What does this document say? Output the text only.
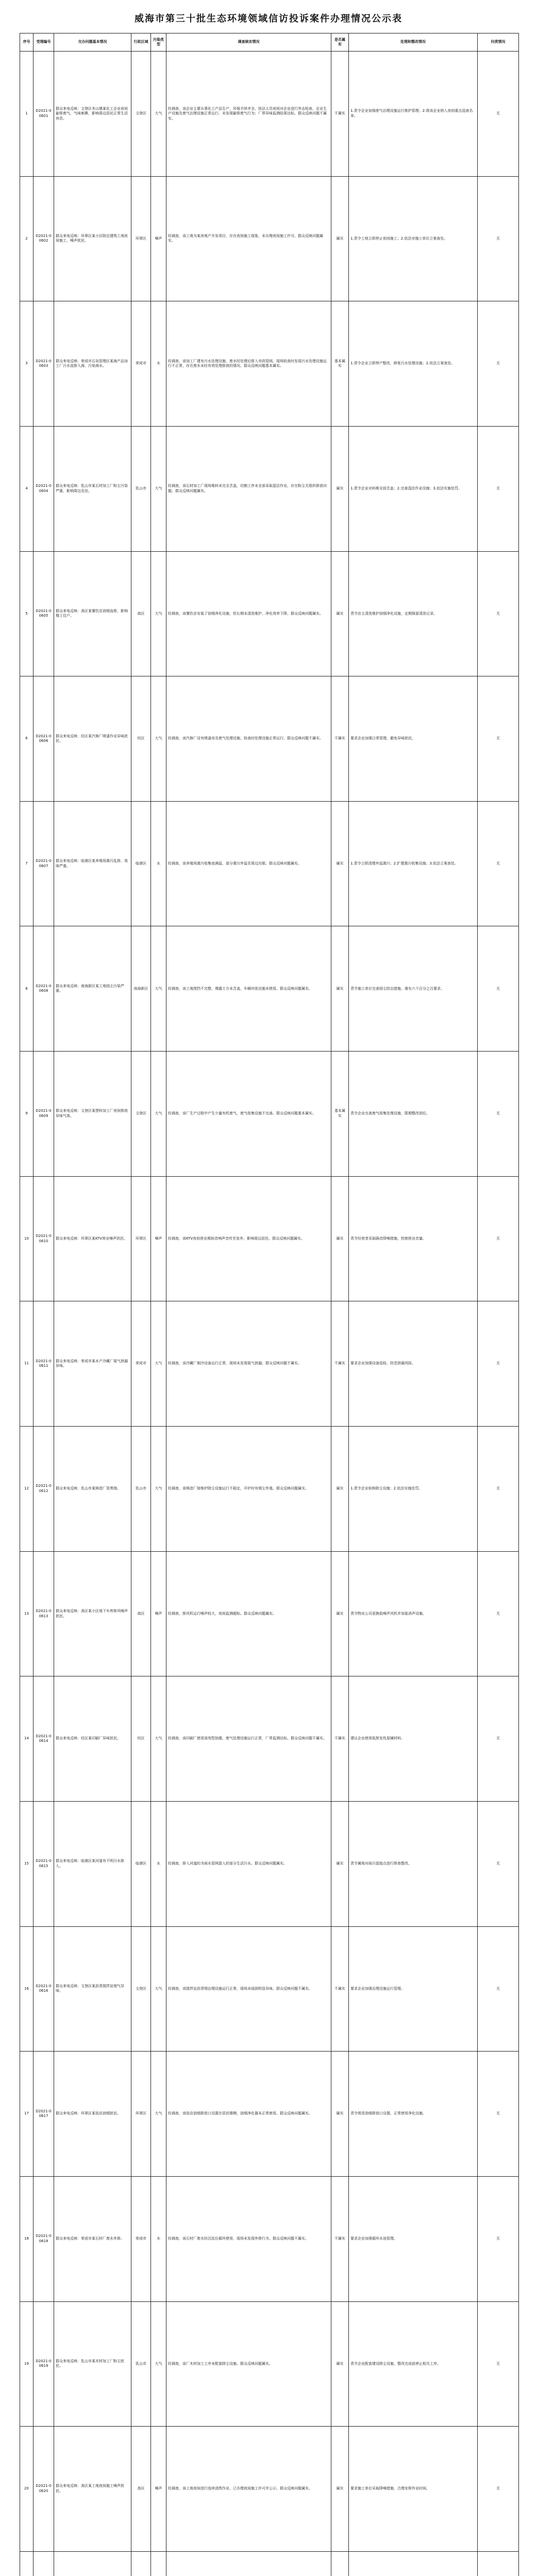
威海市第三十批生态环境领域信访投诉案件办理情况公示表
序号	受理编号	交办问题基本情况	行政区域	污染类型	调查核实情况	是否属实	处理和整改情况	问责情况
1	D2021-00601	群众来电反映：文登区米山镇某化工企业夜间偷排废气，气味刺鼻，影响周边居民正常生活休息。	文登区	大气	经调查，该企业主要从事化工产品生产，环保手续齐全。执法人员夜间对企业进行突击检查，企业生产设施及废气治理设施正常运行，未发现偷排废气行为；厂界异味监测结果达标。群众反映问题不属实。	不属实	1.责令企业加强废气治理设施运行维护管理；2.将该企业纳入夜间重点巡查名单。	无
2	D2021-00602	群众来电反映：环翠区某小区附近建筑工地夜间施工，噪声扰民。	环翠区	噪声	经调查，该工地为某房地产开发项目，存在夜间施工现象，未办理夜间施工许可。群众反映问题属实。	属实	1.责令工地立即停止夜间施工；2.依法对施工单位立案查处。	无
3	D2021-00603	群众来电反映：荣成市石岛管理区某海产品加工厂污水直排入海，污染海水。	荣成市	水	经调查，该加工厂建有污水处理设施，废水经处理后排入市政管网。现场检查时发现污水处理设施运行不正常，存在废水未经有效处理排放的情况。群众反映问题基本属实。	基本属实	1.责令企业立即停产整改，修复污水处理设施；2.依法立案查处。	无
4	D2021-00604	群众来电反映：乳山市某石材加工厂粉尘污染严重，影响周边农田。	乳山市	大气	经调查，该石材加工厂现场堆料未完全苫盖，切割工序未全部采取湿法作业，存在粉尘无组织排放问题。群众反映问题属实。	属实	1.责令企业对料堆全部苫盖；2.完善湿法作业设施；3.依法实施处罚。	无
5	D2021-00605	群众来电反映：高区某餐饮店油烟直排，影响楼上住户。	高区	大气	经调查，该餐饮店安装了油烟净化设施，但长期未清洗维护，净化效率下降。群众反映问题属实。	属实	责令店主清洗维护油烟净化设施，定期保留清洗记录。	无
6	D2021-00606	群众来电反映：经区某汽修厂喷漆作业异味扰民。	经区	大气	经调查，该汽修厂设有喷漆房及废气处理设施，检查时处理设施正常运行。群众反映问题不属实。	不属实	要求企业加强日常管理，避免异味扰民。	无
7	D2021-00607	群众来电反映：临港区某养殖场粪污乱排，臭味严重。	临港区	水	经调查，该养殖场粪污收集池满溢，部分粪污外溢至周边沟渠。群众反映问题属实。	属实	1.责令立即清理外溢粪污；2.扩建粪污收集设施；3.依法立案查处。	无
8	D2021-00608	群众来电反映：南海新区某工地扬尘污染严重。	南海新区	大气	经调查，该工地围挡不完整，裸露土方未苫盖，车辆冲洗设施未使用。群众反映问题属实。	属实	责令施工单位完善扬尘防治措施，落实六个百分之百要求。	无
9	D2021-00609	群众来电反映：文登区某塑料加工厂夜间排放异味气体。	文登区	大气	经调查，该厂生产过程中产生少量有机废气，废气收集设施不完善。群众反映问题基本属实。	基本属实	责令企业完善废气收集处理设施，限期整改到位。	无
10	D2021-00610	群众来电反映：环翠区某KTV营业噪声扰民。	环翠区	噪声	经调查，该KTV夜间营业期间音响声音传至室外，影响周边居民。群众反映问题属实。	属实	责令经营者采取隔音降噪措施，控制营业音量。	无
11	D2021-00611	群众来电反映：荣成市某水产冷藏厂氨气泄漏异味。	荣成市	大气	经调查，该冷藏厂制冷设备运行正常，现场未发现氨气泄漏。群众反映问题不属实。	不属实	要求企业加强设备巡检，防范泄漏风险。	无
12	D2021-00612	群众来电反映：乳山市某铸造厂冒黑烟。	乳山市	大气	经调查，该铸造厂熔炼炉除尘设施运行不稳定，开炉时有烟尘外逸。群众反映问题属实。	属实	1.责令企业检修除尘设施；2.依法实施处罚。	无
13	D2021-00613	群众来电反映：高区某小区地下车库排风噪声扰民。	高区	噪声	经调查，排风机运行噪声较大，夜间监测超标。群众反映问题属实。	属实	责令物业公司更换低噪声风机并加装消声设施。	无
14	D2021-00614	群众来电反映：经区某印刷厂异味扰民。	经区	大气	经调查，该印刷厂使用溶剂型油墨，废气处理设施运行正常，厂界监测达标。群众反映问题不属实。	不属实	建议企业使用低挥发性原辅材料。	无
15	D2021-00615	群众来电反映：临港区某河道有不明污水排入。	临港区	水	经调查，排入河道的为雨水管网混入的部分生活污水。群众反映问题属实。	属实	责令属地对雨污混接点进行排查整改。	无
16	D2021-00616	群众来电反映：文登区某沥青搅拌站烟气异味。	文登区	大气	经调查，该搅拌站沥青烟治理设施运行正常，现场未闻到明显异味。群众反映问题不属实。	不属实	要求企业加强治理设施运行管理。	无
17	D2021-00617	群众来电反映：环翠区某饭店油烟扰民。	环翠区	大气	经调查，该饭店油烟排放口设置在居民楼侧，油烟净化器未正常使用。群众反映问题属实。	属实	责令规范油烟排放口设置，正常使用净化设施。	无
18	D2021-00618	群众来电反映：荣成市某石材厂废水外排。	荣成市	水	经调查，该石材厂废水经沉淀后循环使用，现场未发现外排行为。群众反映问题不属实。	不属实	要求企业加强循环水池管理。	无
19	D2021-00619	群众来电反映：乳山市某木材加工厂粉尘扰民。	乳山市	大气	经调查，该厂木材加工工序未配套除尘设施。群众反映问题属实。	属实	责令企业配套建设除尘设施，整改完成前停止相关工序。	无
20	D2021-00620	群众来电反映：高区某工地夜间施工噪声扰民。	高区	噪声	经调查，该工地夜间进行连续浇筑作业，已办理夜间施工许可并公示。群众反映问题属实。	属实	要求施工单位采取降噪措施，合理安排作业时间。	无
